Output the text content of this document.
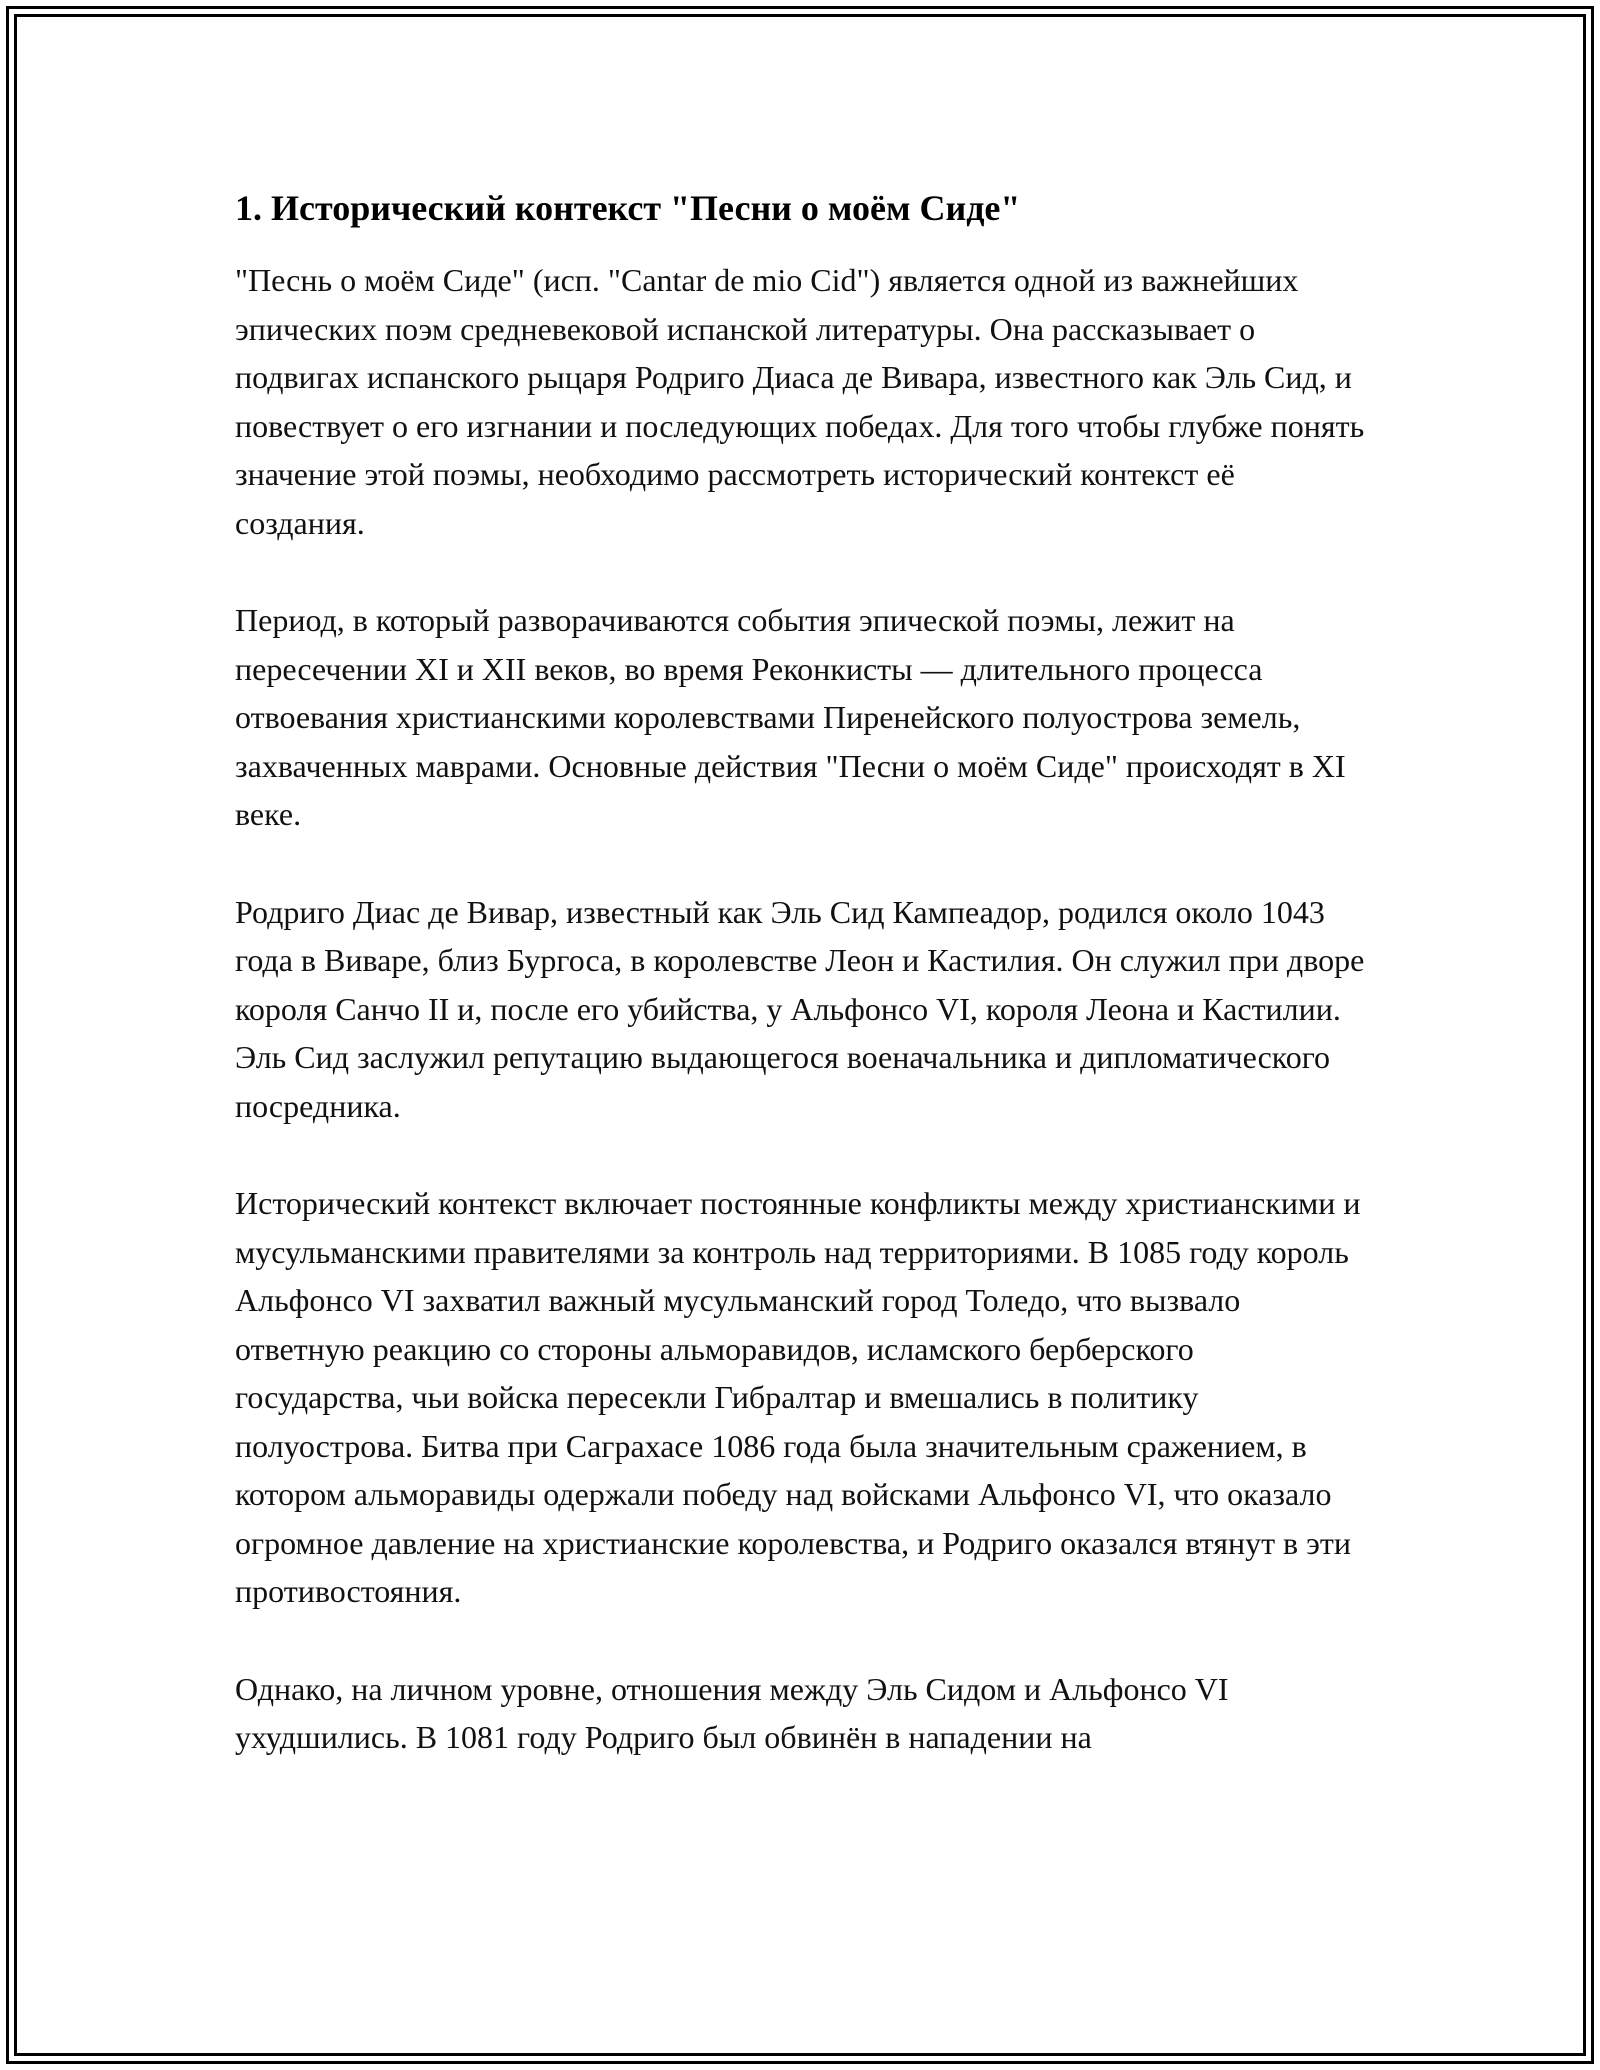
1. Исторический контекст "Песни о моём Сиде"

"Песнь о моём Сиде" (исп. "Cantar de mio Cid") является одной из важнейших эпических поэм средневековой испанской литературы. Она рассказывает о подвигах испанского рыцаря Родриго Диаса де Вивара, известного как Эль Сид, и повествует о его изгнании и последующих победах. Для того чтобы глубже понять значение этой поэмы, необходимо рассмотреть исторический контекст её создания.

Период, в который разворачиваются события эпической поэмы, лежит на пересечении XI и XII веков, во время Реконкисты — длительного процесса отвоевания христианскими королевствами Пиренейского полуострова земель, захваченных маврами. Основные действия "Песни о моём Сиде" происходят в XI веке.

Родриго Диас де Вивар, известный как Эль Сид Кампеадор, родился около 1043 года в Виваре, близ Бургоса, в королевстве Леон и Кастилия. Он служил при дворе короля Санчо II и, после его убийства, у Альфонсо VI, короля Леона и Кастилии. Эль Сид заслужил репутацию выдающегося военачальника и дипломатического посредника.

Исторический контекст включает постоянные конфликты между христианскими и мусульманскими правителями за контроль над территориями. В 1085 году король Альфонсо VI захватил важный мусульманский город Толедо, что вызвало ответную реакцию со стороны альморавидов, исламского берберского государства, чьи войска пересекли Гибралтар и вмешались в политику полуострова. Битва при Саграхасе 1086 года была значительным сражением, в котором альморавиды одержали победу над войсками Альфонсо VI, что оказало огромное давление на христианские королевства, и Родриго оказался втянут в эти противостояния.

Однако, на личном уровне, отношения между Эль Сидом и Альфонсо VI ухудшились. В 1081 году Родриго был обвинён в нападении на
